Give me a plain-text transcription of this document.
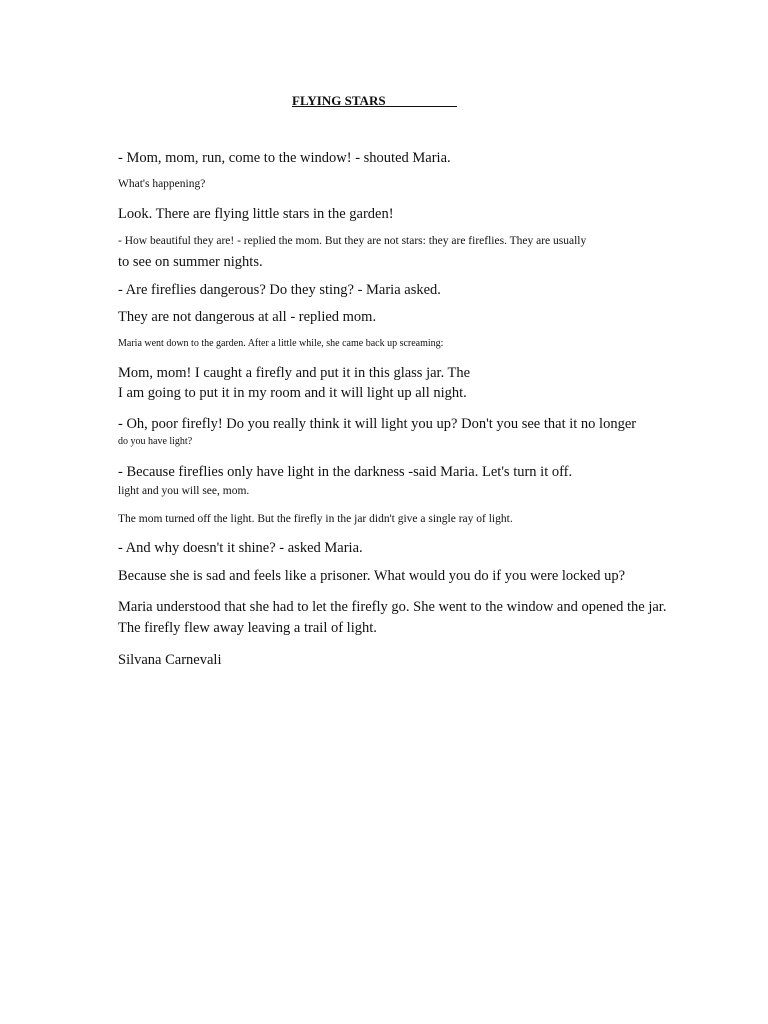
FLYING STARS

- Mom, mom, run, come to the window! - shouted Maria.

What's happening?

Look. There are flying little stars in the garden!

- How beautiful they are! - replied the mom. But they are not stars: they are fireflies. They are usually

to see on summer nights.

- Are fireflies dangerous? Do they sting? - Maria asked.

They are not dangerous at all - replied mom.

Maria went down to the garden. After a little while, she came back up screaming:

Mom, mom! I caught a firefly and put it in this glass jar. The

I am going to put it in my room and it will light up all night.

- Oh, poor firefly! Do you really think it will light you up? Don't you see that it no longer

do you have light?

- Because fireflies only have light in the darkness -said Maria. Let's turn it off.

light and you will see, mom.

The mom turned off the light. But the firefly in the jar didn't give a single ray of light.

- And why doesn't it shine? - asked Maria.

Because she is sad and feels like a prisoner. What would you do if you were locked up?

Maria understood that she had to let the firefly go. She went to the window and opened the jar.

The firefly flew away leaving a trail of light.

Silvana Carnevali
